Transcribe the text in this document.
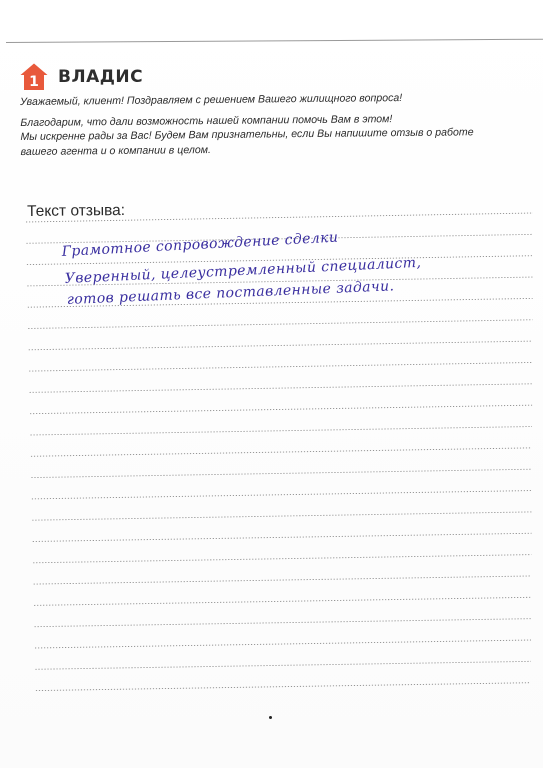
1 ВЛАДИС

Уважаемый, клиент! Поздравляем с решением Вашего жилищного вопроса!

Благодарим, что дали возможность нашей компании помочь Вам в этом!

Мы искренне рады за Вас! Будем Вам признательны, если Вы напишите отзыв о работе

вашего агента и о компании в целом.

Текст отзыва:
Грамотное сопровождение сделки
Уверенный, целеустремленный специалист,
готов решать все поставленные задачи.
